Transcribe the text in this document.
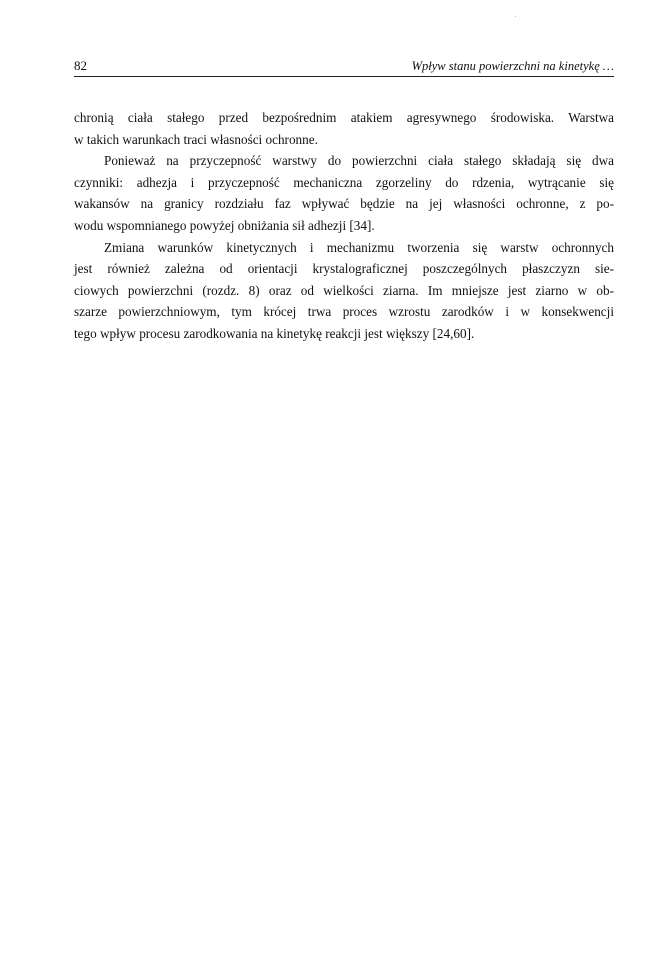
82	Wpływ stanu powierzchni na kinetykę …
chronią ciała stałego przed bezpośrednim atakiem agresywnego środowiska. Warstwa
w takich warunkach traci własności ochronne.
Ponieważ na przyczepność warstwy do powierzchni ciała stałego składają się dwa
czynniki: adhezja i przyczepność mechaniczna zgorzeliny do rdzenia, wytrącanie się
wakansów na granicy rozdziału faz wpływać będzie na jej własności ochronne, z po-
wodu wspomnianego powyżej obniżania sił adhezji [34].
Zmiana warunków kinetycznych i mechanizmu tworzenia się warstw ochronnych
jest również zależna od orientacji krystalograficznej poszczególnych płaszczyzn sie-
ciowych powierzchni (rozdz. 8) oraz od wielkości ziarna. Im mniejsze jest ziarno w ob-
szarze powierzchniowym, tym krócej trwa proces wzrostu zarodków i w konsekwencji
tego wpływ procesu zarodkowania na kinetykę reakcji jest większy [24,60].
